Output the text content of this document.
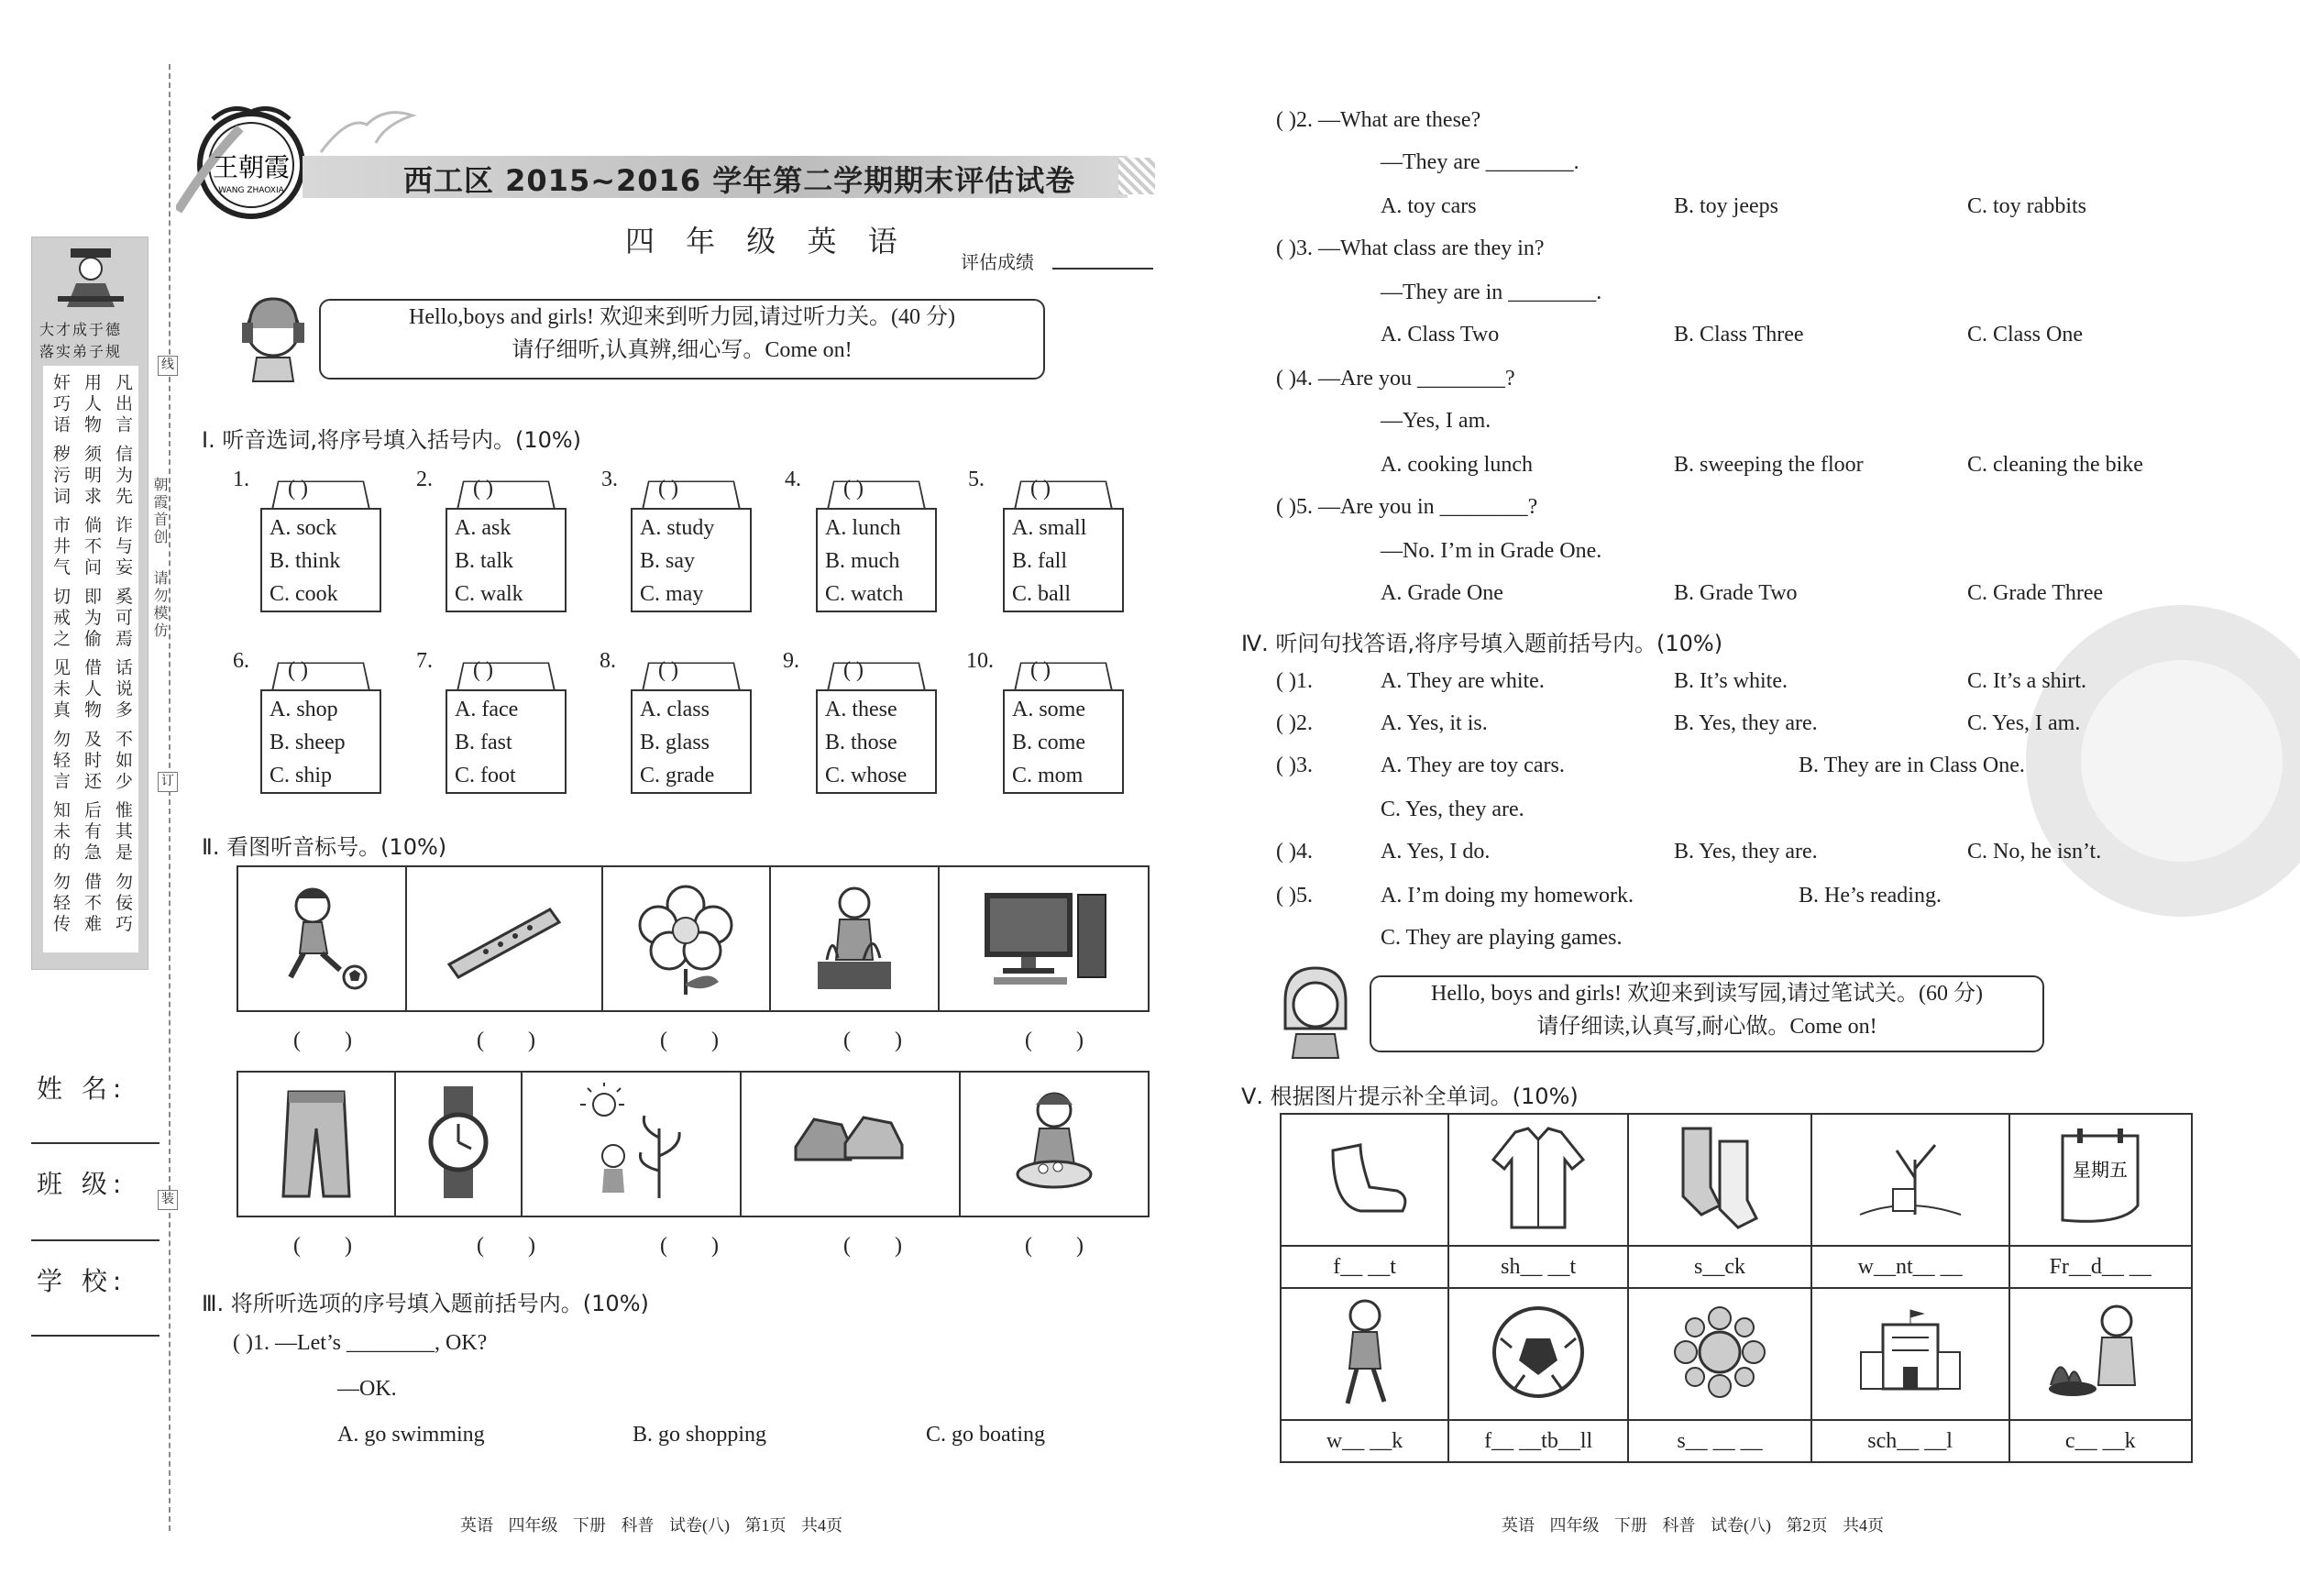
线
订
装
朝霞首创
请勿模仿
大才成于德
落实弟子规
凡出言 信为先 诈与妄 奚可焉 话说多 不如少 惟其是 勿佞巧
用人物 须明求 倘不问 即为偷 借人物 及时还 后有急 借不难
奸巧语 秽污词 市井气 切戒之 见未真 勿轻言 知未的 勿轻传
姓 名:
班 级:
学 校:
王朝霞
WANG ZHAOXIA	西工区 2015~2016 学年第二学期期末评估试卷
四 年 级 英 语
评估成绩
Hello,boys and girls! 欢迎来到听力园,请过听力关。(40 分)
请仔细听,认真辨,细心写。Come on!
Ⅰ. 听音选词,将序号填入括号内。(10%)
1. ( )
A. sock
B. think
C. cook
2. ( )
A. ask
B. talk
C. walk
3. ( )
A. study
B. say
C. may
4. ( )
A. lunch
B. much
C. watch
5. ( )
A. small
B. fall
C. ball
6. ( )
A. shop
B. sheep
C. ship
7. ( )
A. face
B. fast
C. foot
8. ( )
A. class
B. glass
C. grade
9. ( )
A. these
B. those
C. whose
10. ( )
A. some
B. come
C. mom
Ⅱ. 看图听音标号。(10%)

(        )	(        )	(        )	(        )	(        )

(        )	(        )	(        )	(        )	(        )
Ⅲ. 将所听选项的序号填入题前括号内。(10%)
( )1. —Let’s ________, OK?
—OK.
A. go swimming	B. go shopping	C. go boating
英语 四年级 下册 科普 试卷(八) 第1页 共4页
( )2. —What are these?
—They are ________.
A. toy cars	B. toy jeeps	C. toy rabbits
( )3. —What class are they in?
—They are in ________.
A. Class Two	B. Class Three	C. Class One
( )4. —Are you ________?
—Yes, I am.
A. cooking lunch	B. sweeping the floor	C. cleaning the bike
( )5. —Are you in ________?
—No. I’m in Grade One.
A. Grade One	B. Grade Two	C. Grade Three
Ⅳ. 听问句找答语,将序号填入题前括号内。(10%)
( )1.	A. They are white.	B. It’s white.	C. It’s a shirt.
( )2.	A. Yes, it is.	B. Yes, they are.	C. Yes, I am.
( )3.	A. They are toy cars.	B. They are in Class One.
C. Yes, they are.
( )4.	A. Yes, I do.	B. Yes, they are.	C. No, he isn’t.
( )5.	A. I’m doing my homework.	B. He’s reading.
C. They are playing games.
Hello, boys and girls! 欢迎来到读写园,请过笔试关。(60 分)
请仔细读,认真写,耐心做。Come on!
Ⅴ. 根据图片提示补全单词。(10%)

星期五

f__ __t	sh__ __t	s__ck	w__nt__ __	Fr__d__ __

w__ __k	f__ __tb__ll	s__ __ __	sch__ __l	c__ __k
英语 四年级 下册 科普 试卷(八) 第2页 共4页
